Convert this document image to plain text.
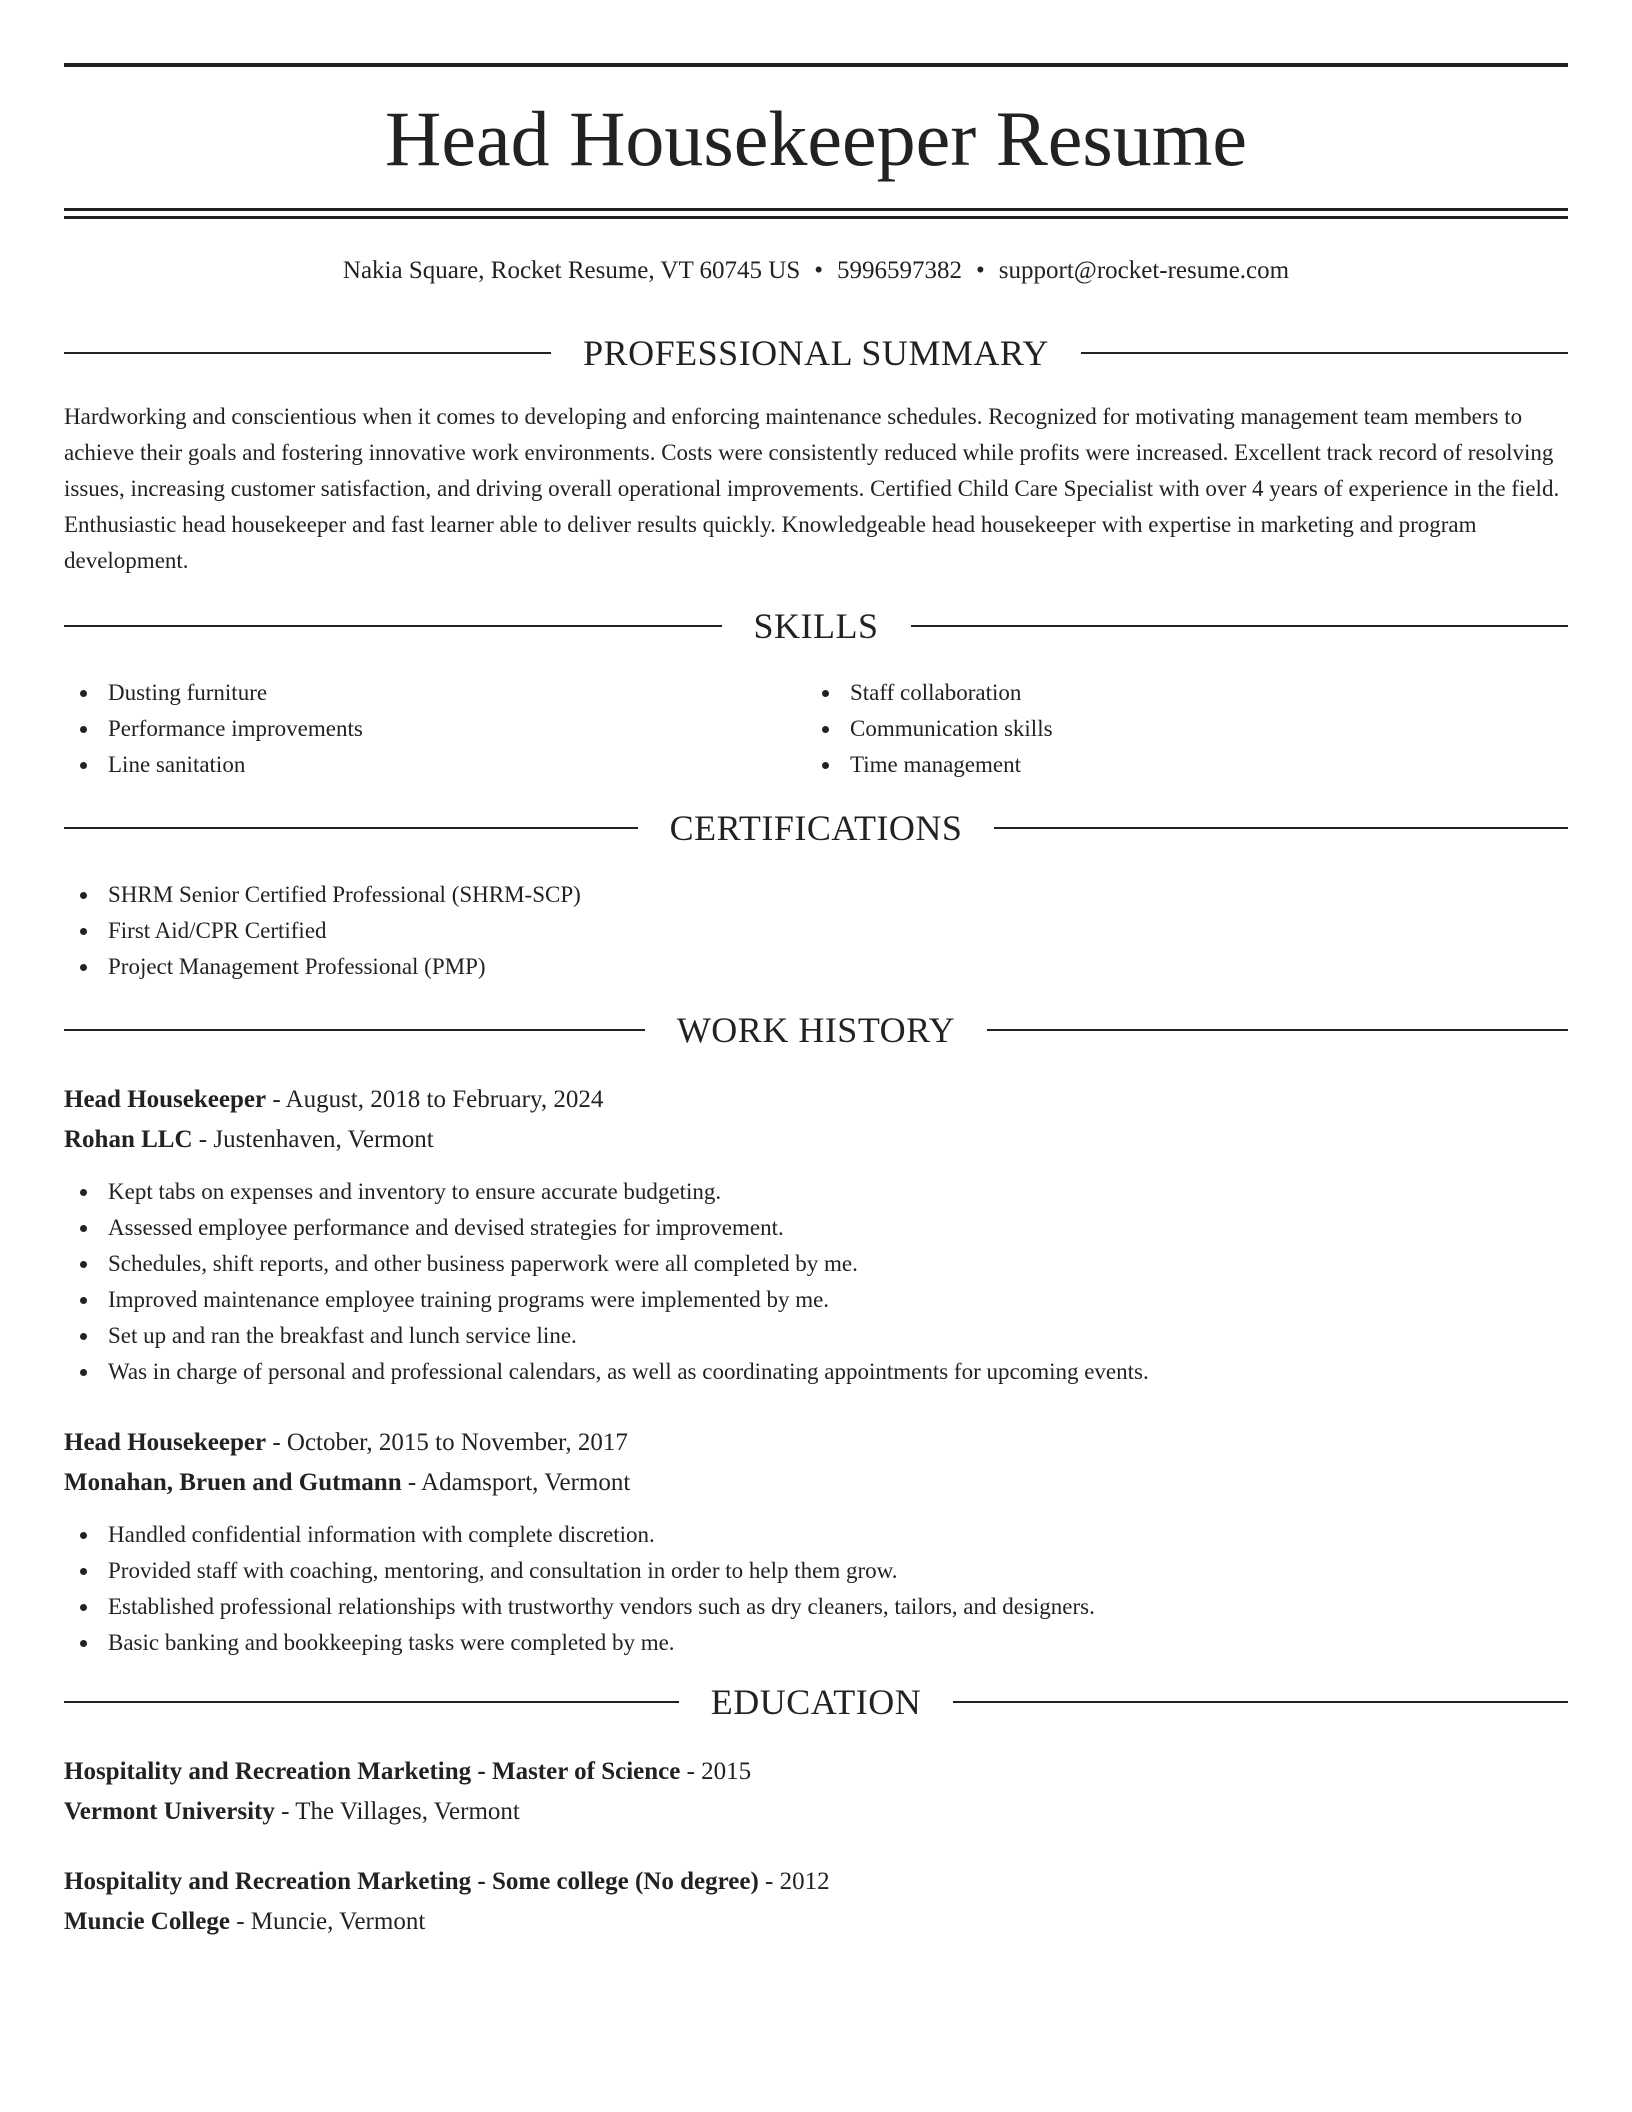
Head Housekeeper Resume
Nakia Square, Rocket Resume, VT 60745 US • 5996597382 • support@rocket-resume.com
PROFESSIONAL SUMMARY

Hardworking and conscientious when it comes to developing and enforcing maintenance schedules. Recognized for motivating management team members to achieve their goals and fostering innovative work environments. Costs were consistently reduced while profits were increased. Excellent track record of resolving issues, increasing customer satisfaction, and driving overall operational improvements. Certified Child Care Specialist with over 4 years of experience in the field. Enthusiastic head housekeeper and fast learner able to deliver results quickly. Knowledgeable head housekeeper with expertise in marketing and program development.

SKILLS
Dusting furniture
Performance improvements
Line sanitation
Staff collaboration
Communication skills
Time management
CERTIFICATIONS
SHRM Senior Certified Professional (SHRM-SCP)
First Aid/CPR Certified
Project Management Professional (PMP)
WORK HISTORY
Head Housekeeper - August, 2018 to February, 2024
Rohan LLC - Justenhaven, Vermont
Kept tabs on expenses and inventory to ensure accurate budgeting.
Assessed employee performance and devised strategies for improvement.
Schedules, shift reports, and other business paperwork were all completed by me.
Improved maintenance employee training programs were implemented by me.
Set up and ran the breakfast and lunch service line.
Was in charge of personal and professional calendars, as well as coordinating appointments for upcoming events.
Head Housekeeper - October, 2015 to November, 2017
Monahan, Bruen and Gutmann - Adamsport, Vermont
Handled confidential information with complete discretion.
Provided staff with coaching, mentoring, and consultation in order to help them grow.
Established professional relationships with trustworthy vendors such as dry cleaners, tailors, and designers.
Basic banking and bookkeeping tasks were completed by me.
EDUCATION
Hospitality and Recreation Marketing - Master of Science - 2015
Vermont University - The Villages, Vermont
Hospitality and Recreation Marketing - Some college (No degree) - 2012
Muncie College - Muncie, Vermont
